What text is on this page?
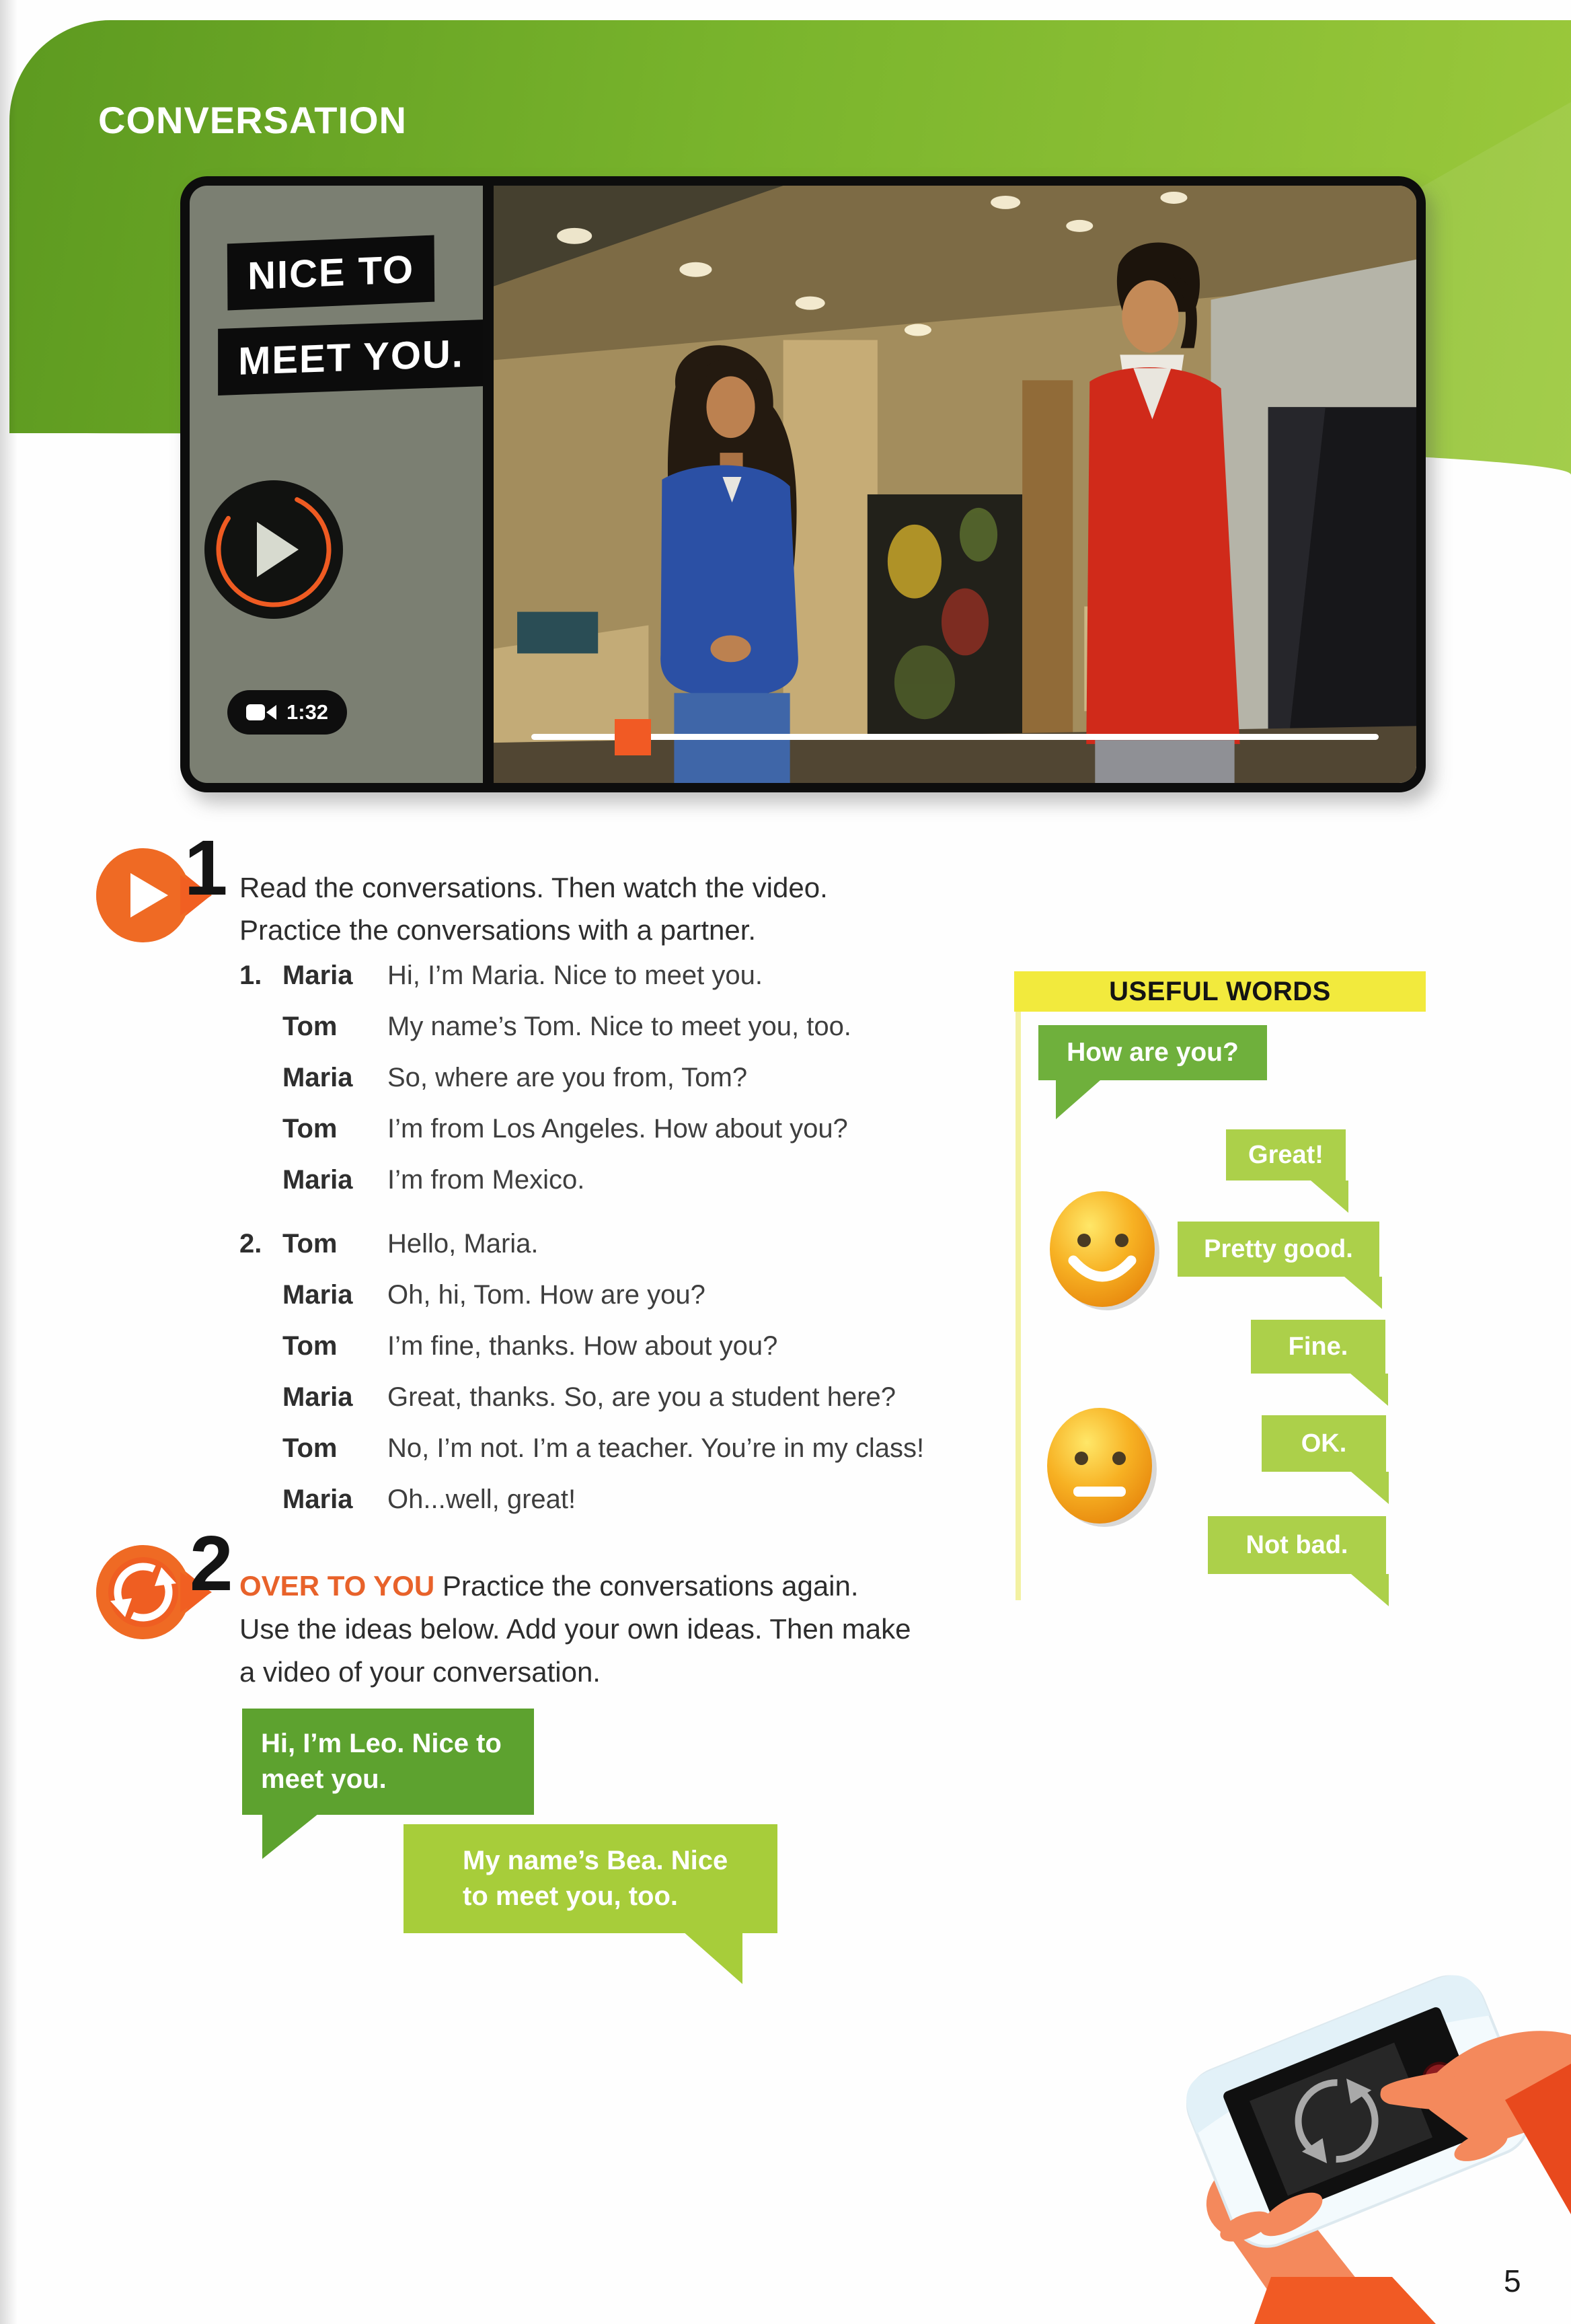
CONVERSATION
NICE TO
MEET YOU.
1:32
1 Read the conversations. Then watch the video.
Practice the conversations with a partner.
1. Maria	Hi, I’m Maria. Nice to meet you.
Tom	My name’s Tom. Nice to meet you, too.
Maria	So, where are you from, Tom?
Tom	I’m from Los Angeles. How about you?
Maria	I’m from Mexico.
2. Tom	Hello, Maria.
Maria	Oh, hi, Tom. How are you?
Tom	I’m fine, thanks. How about you?
Maria	Great, thanks. So, are you a student here?
Tom	No, I’m not. I’m a teacher. You’re in my class!
Maria	Oh...well, great!
USEFUL WORDS
How are you?
Great!
Pretty good.
Fine.
OK.
Not bad.
2 OVER TO YOU Practice the conversations again.
Use the ideas below. Add your own ideas. Then make
a video of your conversation.
Hi, I’m Leo. Nice to meet you.
My name’s Bea. Nice to meet you, too.
5
